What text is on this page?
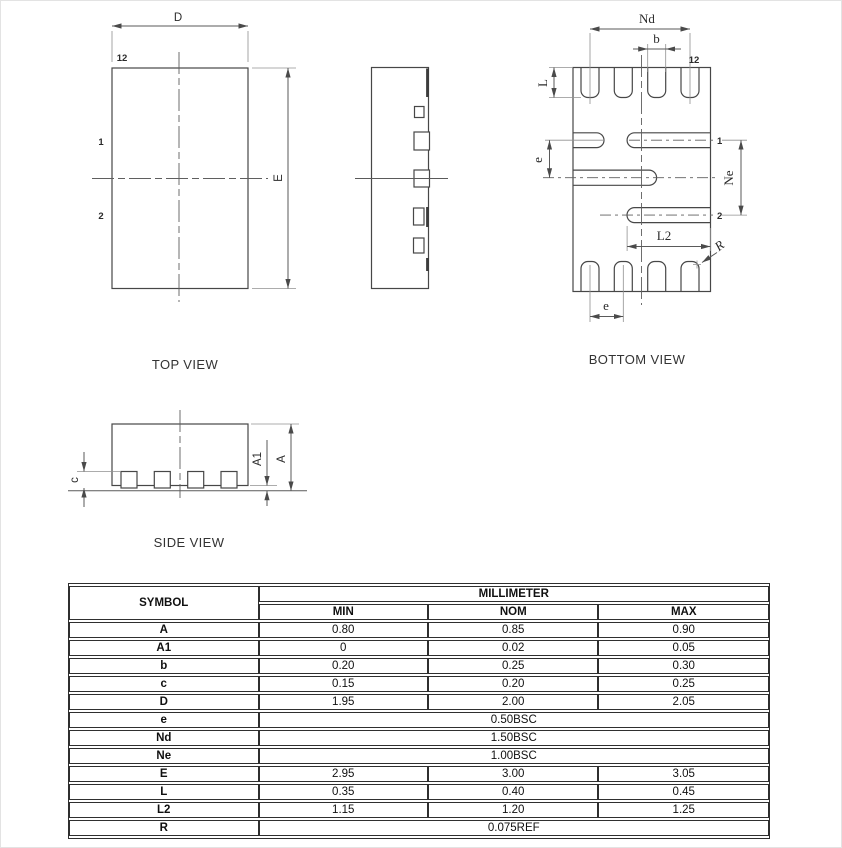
D
E
12
1
2
Nd
b
L
e
Ne
L2
R
e
12
1
2
c
A1 A
TOP VIEW	BOTTOM VIEW
SIDE VIEW
SYMBOL	MILLIMETER		
	MIN	NOM	MAX
A	0.80	0.85	0.90
A1	0	0.02	0.05
b	0.20	0.25	0.30
c	0.15	0.20	0.25
D	1.95	2.00	2.05
e	0.50BSC		
Nd	1.50BSC		
Ne	1.00BSC		
E	2.95	3.00	3.05
L	0.35	0.40	0.45
L2	1.15	1.20	1.25
R	0.075REF		
